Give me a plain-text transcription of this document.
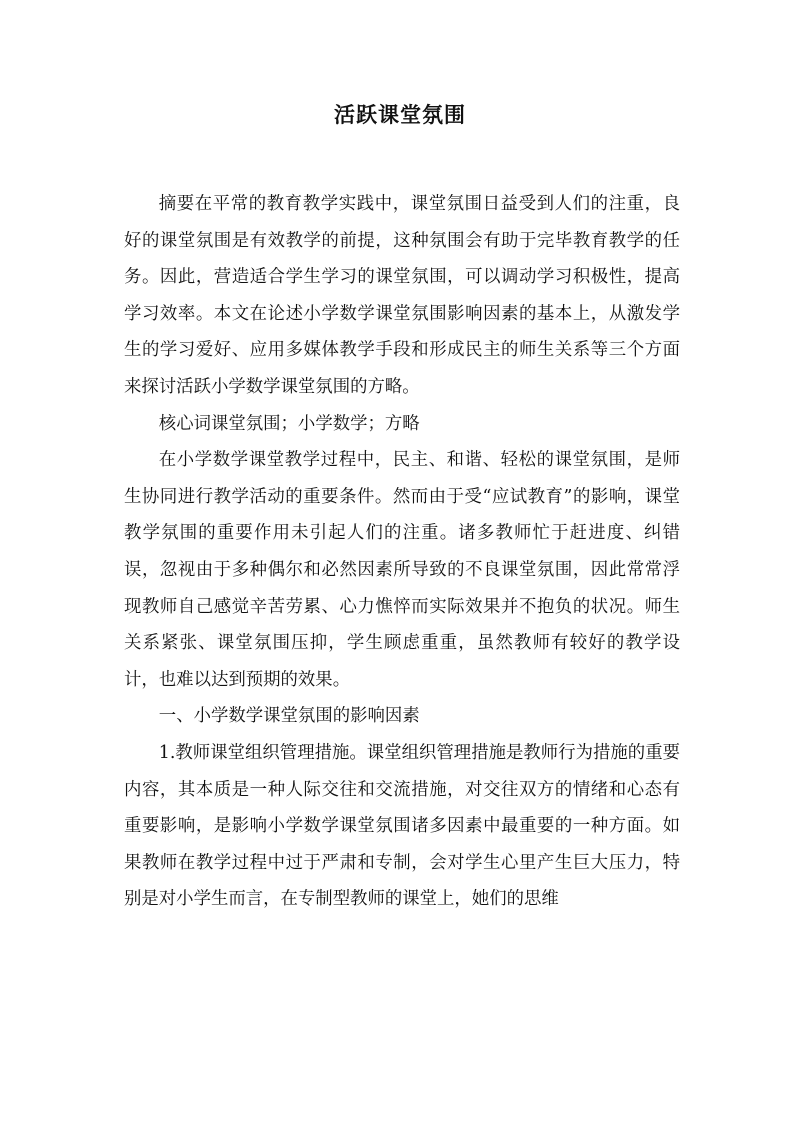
活跃课堂氛围

摘要在平常的教育教学实践中，课堂氛围日益受到人们的注重，良好的课堂氛围是有效教学的前提，这种氛围会有助于完毕教育教学的任务。因此，营造适合学生学习的课堂氛围，可以调动学习积极性，提高学习效率。本文在论述小学数学课堂氛围影响因素的基本上，从激发学生的学习爱好、应用多媒体教学手段和形成民主的师生关系等三个方面来探讨活跃小学数学课堂氛围的方略。

核心词课堂氛围；小学数学；方略

在小学数学课堂教学过程中，民主、和谐、轻松的课堂氛围，是师生协同进行教学活动的重要条件。然而由于受“应试教育”的影响，课堂教学氛围的重要作用未引起人们的注重。诸多教师忙于赶进度、纠错误，忽视由于多种偶尔和必然因素所导致的不良课堂氛围，因此常常浮现教师自己感觉辛苦劳累、心力憔悴而实际效果并不抱负的状况。师生关系紧张、课堂氛围压抑，学生顾虑重重，虽然教师有较好的教学设计，也难以达到预期的效果。

一、小学数学课堂氛围的影响因素

1.教师课堂组织管理措施。课堂组织管理措施是教师行为措施的重要内容，其本质是一种人际交往和交流措施，对交往双方的情绪和心态有重要影响，是影响小学数学课堂氛围诸多因素中最重要的一种方面。如果教师在教学过程中过于严肃和专制，会对学生心里产生巨大压力，特别是对小学生而言，在专制型教师的课堂上，她们的思维
